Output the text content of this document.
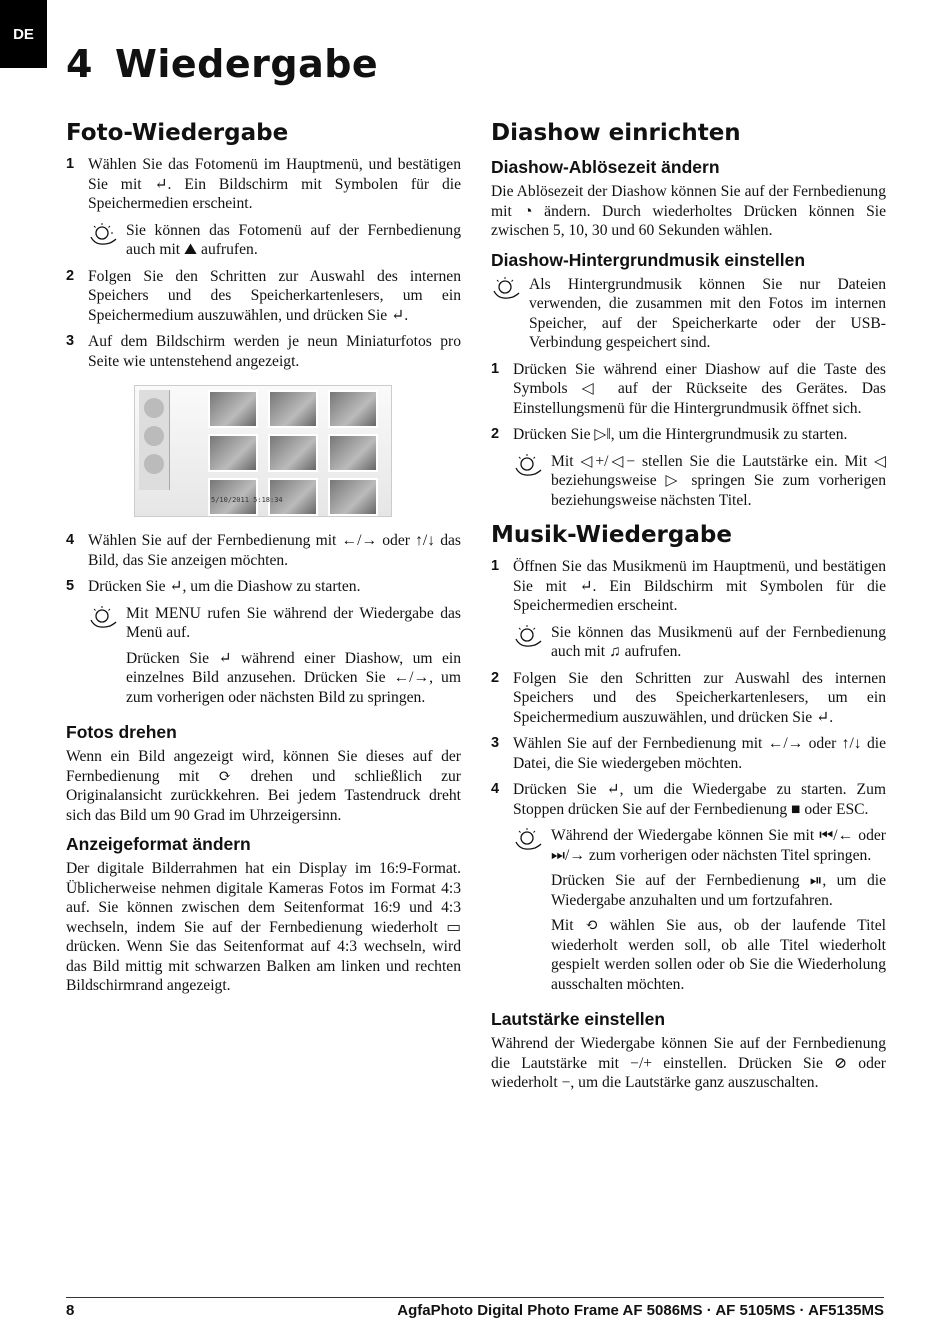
DE
4 Wiedergabe
Foto-Wiedergabe
1 Wählen Sie das Fotomenü im Hauptmenü, und bestätigen Sie mit ↵. Ein Bildschirm mit Symbolen für die Speichermedien erscheint.
Sie können das Fotomenü auf der Fernbedienung auch mit ⛰ aufrufen.
2 Folgen Sie den Schritten zur Auswahl des internen Speichers und des Speicherkartenlesers, um ein Speichermedium auszuwählen, und drücken Sie ↵.
3 Auf dem Bildschirm werden je neun Miniaturfotos pro Seite wie untenstehend angezeigt.
5/10/2011 5:18:34
4 Wählen Sie auf der Fernbedienung mit ←/→ oder ↑/↓ das Bild, das Sie anzeigen möchten.
5 Drücken Sie ↵, um die Diashow zu starten.

Mit MENU rufen Sie während der Wiedergabe das Menü auf.

Drücken Sie ↵ während einer Diashow, um ein einzelnes Bild anzusehen. Drücken Sie ←/→, um zum vorherigen oder nächsten Bild zu springen.

Fotos drehen

Wenn ein Bild angezeigt wird, können Sie dieses auf der Fernbedienung mit ⟳ drehen und schließlich zur Originalansicht zurückkehren. Bei jedem Tastendruck dreht sich das Bild um 90 Grad im Uhrzeigersinn.

Anzeigeformat ändern

Der digitale Bilderrahmen hat ein Display im 16:9-Format. Üblicherweise nehmen digitale Kameras Fotos im Format 4:3 auf. Sie können zwischen dem Seitenformat 16:9 und 4:3 wechseln, indem Sie auf der Fernbedienung wiederholt ▭ drücken. Wenn Sie das Seitenformat auf 4:3 wechseln, wird das Bild mittig mit schwarzen Balken am linken und rechten Bildschirmrand angezeigt.

Diashow einrichten
Diashow-Ablösezeit ändern

Die Ablösezeit der Diashow können Sie auf der Fernbedienung mit ◔ ändern. Durch wiederholtes Drücken können Sie zwischen 5, 10, 30 und 60 Sekunden wählen.

Diashow-Hintergrundmusik einstellen
Als Hintergrundmusik können Sie nur Dateien verwenden, die zusammen mit den Fotos im internen Speicher, auf der Speicherkarte oder der USB-Verbindung gespeichert sind.
1 Drücken Sie während einer Diashow auf die Taste des Symbols ◁ auf der Rückseite des Gerätes. Das Einstellungsmenü für die Hintergrundmusik öffnet sich.
2 Drücken Sie ▷‖, um die Hintergrundmusik zu starten.
Mit ◁+/◁− stellen Sie die Lautstärke ein. Mit ◁ beziehungsweise ▷ springen Sie zum vorherigen beziehungsweise nächsten Titel.
Musik-Wiedergabe
1 Öffnen Sie das Musikmenü im Hauptmenü, und bestätigen Sie mit ↵. Ein Bildschirm mit Symbolen für die Speichermedien erscheint.
Sie können das Musikmenü auf der Fernbedienung auch mit ♫ aufrufen.
2 Folgen Sie den Schritten zur Auswahl des internen Speichers und des Speicherkartenlesers, um ein Speichermedium auszuwählen, und drücken Sie ↵.
3 Wählen Sie auf der Fernbedienung mit ←/→ oder ↑/↓ die Datei, die Sie wiedergeben möchten.
4 Drücken Sie ↵, um die Wiedergabe zu starten. Zum Stoppen drücken Sie auf der Fernbedienung ■ oder ESC.

Während der Wiedergabe können Sie mit ⏮/← oder ⏭/→ zum vorherigen oder nächsten Titel springen.

Drücken Sie auf der Fernbedienung ⏯, um die Wiedergabe anzuhalten und um fortzufahren.

Mit ⟲ wählen Sie aus, ob der laufende Titel wiederholt werden soll, ob alle Titel wiederholt gespielt werden sollen oder ob Sie die Wiederholung ausschalten möchten.

Lautstärke einstellen

Während der Wiedergabe können Sie auf der Fernbedienung die Lautstärke mit −/+ einstellen. Drücken Sie ⊘ oder wiederholt −, um die Lautstärke ganz auszuschalten.

8	AgfaPhoto Digital Photo Frame AF 5086MS · AF 5105MS · AF5135MS
